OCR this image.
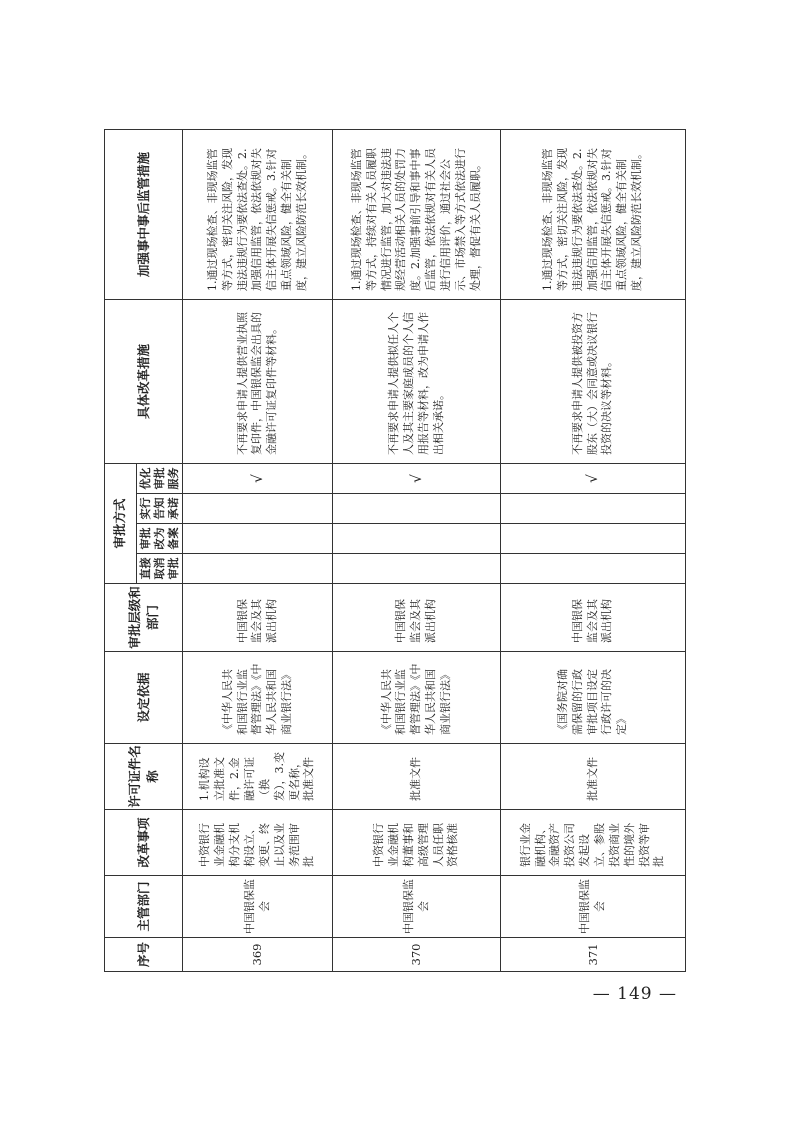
序号	主管部门	改革事项	许可证件名称	设定依据	审批层级和部门	审批方式				具体改革措施	加强事中事后监管措施
						直接取消审批	审批改为备案	实行告知承诺	优化审批服务		
369	中国银保监会	中资银行业金融机构分支机构设立、变更、终止以及业务范围审批	1.机构设立批准文件，2.金融许可证（换发），3.变更名称，批准文件	《中华人民共和国银行业监督管理法》《中华人民共和国商业银行法》	中国银保监会及其派出机构				√	不再要求申请人提供营业执照复印件，中国银保监会出具的金融许可证复印件等材料。	1.通过现场检查、非现场监管等方式，密切关注风险，发现违法违规行为要依法查处。2.加强信用监管，依法依规对失信主体开展失信惩戒。3.针对重点领域风险，健全有关制度，建立风险防范长效机制。
370	中国银保监会	中资银行业金融机构董事和高级管理人员任职资格核准	批准文件	《中华人民共和国银行业监督管理法》《中华人民共和国商业银行法》	中国银保监会及其派出机构				√	不再要求申请人提供拟任人个人及其主要家庭成员的个人信用报告等材料，改为申请人作出相关承诺。	1.通过现场检查、非现场监管等方式，持续对有关人员履职情况进行监管，加大对违法违规经营活动相关人员的处罚力度。2.加强事前引导和事中事后监管，依法依规对有关人员进行信用评价，通过社会公示、市场禁入等方式依法进行处理，督促有关人员履职。
371	中国银保监会	银行业金融机构、金融资产投资公司发起设立、参股投资商业性的境外投资等审批	批准文件	《国务院对确需保留的行政审批项目设定行政许可的决定》	中国银保监会及其派出机构				√	不再要求申请人提供被投资方股东（大）会同意或决议银行投资的决议等材料。	1.通过现场检查、非现场监管等方式，密切关注风险，发现违法违规行为要依法查处。2.加强信用监管，依法依规对失信主体开展失信惩戒。3.针对重点领域风险，健全有关制度，建立风险防范长效机制。
— 149 —
